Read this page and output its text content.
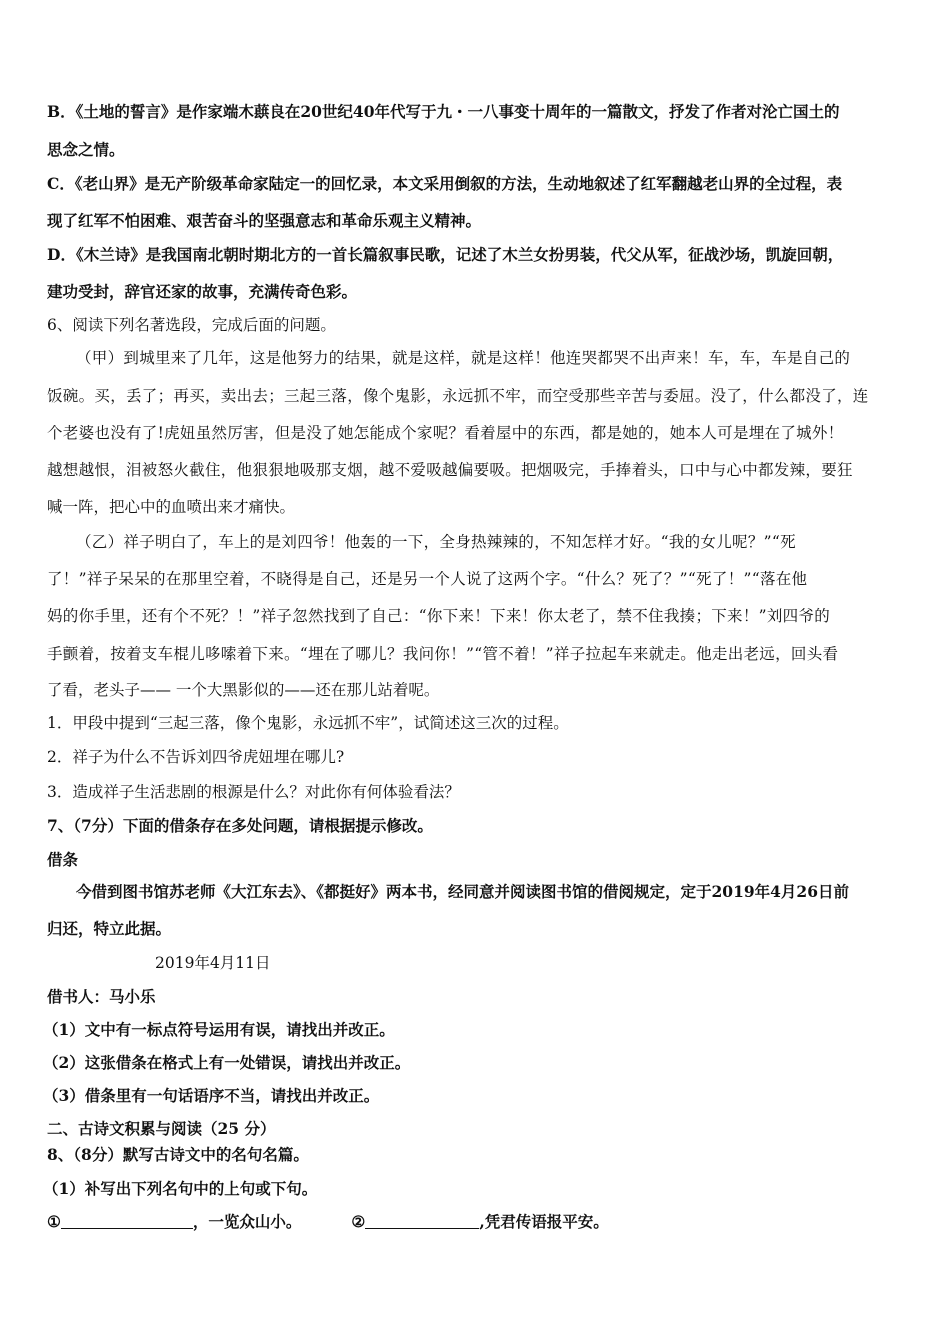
B．《土地的誓言》是作家端木蕻良在20世纪40年代写于九・一八事变十周年的一篇散文，抒发了作者对沦亡国土的
思念之情。
C．《老山界》是无产阶级革命家陆定一的回忆录，本文采用倒叙的方法，生动地叙述了红军翻越老山界的全过程，表
现了红军不怕困难、艰苦奋斗的坚强意志和革命乐观主义精神。
D．《木兰诗》是我国南北朝时期北方的一首长篇叙事民歌，记述了木兰女扮男装，代父从军，征战沙场，凯旋回朝，
建功受封，辞官还家的故事，充满传奇色彩。
6、阅读下列名著选段，完成后面的问题。
（甲）到城里来了几年，这是他努力的结果，就是这样，就是这样！他连哭都哭不出声来！车，车，车是自己的
饭碗。买，丢了；再买，卖出去；三起三落，像个鬼影，永远抓不牢，而空受那些辛苦与委屈。没了，什么都没了，连
个老婆也没有了!虎妞虽然厉害，但是没了她怎能成个家呢？看着屋中的东西，都是她的，她本人可是埋在了城外！
越想越恨，泪被怒火截住，他狠狠地吸那支烟，越不爱吸越偏要吸。把烟吸完，手捧着头，口中与心中都发辣，要狂
喊一阵，把心中的血喷出来才痛快。
（乙）祥子明白了，车上的是刘四爷！他轰的一下，全身热辣辣的，不知怎样才好。“我的女儿呢？”“死
了！”祥子呆呆的在那里空着，不晓得是自己，还是另一个人说了这两个字。“什么？死了？”“死了！”“落在他
妈的你手里，还有个不死？！”祥子忽然找到了自己：“你下来！下来！你太老了，禁不住我揍；下来！”刘四爷的
手颤着，按着支车棍儿哆嗦着下来。“埋在了哪儿？我问你！”“管不着！”祥子拉起车来就走。他走出老远，回头看
了看，老头子—— 一个大黑影似的——还在那儿站着呢。
1．甲段中提到“三起三落，像个鬼影，永远抓不牢”，试简述这三次的过程。
2．祥子为什么不告诉刘四爷虎妞埋在哪儿?
3．造成祥子生活悲剧的根源是什么？对此你有何体验看法？
7、（7分）下面的借条存在多处问题，请根据提示修改。
借条
今借到图书馆苏老师《大江东去》、《都挺好》两本书，经同意并阅读图书馆的借阅规定，定于2019年4月26日前
归还，特立此据。
2019年4月11日
借书人：马小乐
（1）文中有一标点符号运用有误，请找出并改正。
（2）这张借条在格式上有一处错误，请找出并改正。
（3）借条里有一句话语序不当，请找出并改正。
二、古诗文积累与阅读（25 分）
8、（8分）默写古诗文中的名句名篇。
（1）补写出下列名句中的上句或下句。
①	，一览众山小。	②	,凭君传语报平安。
